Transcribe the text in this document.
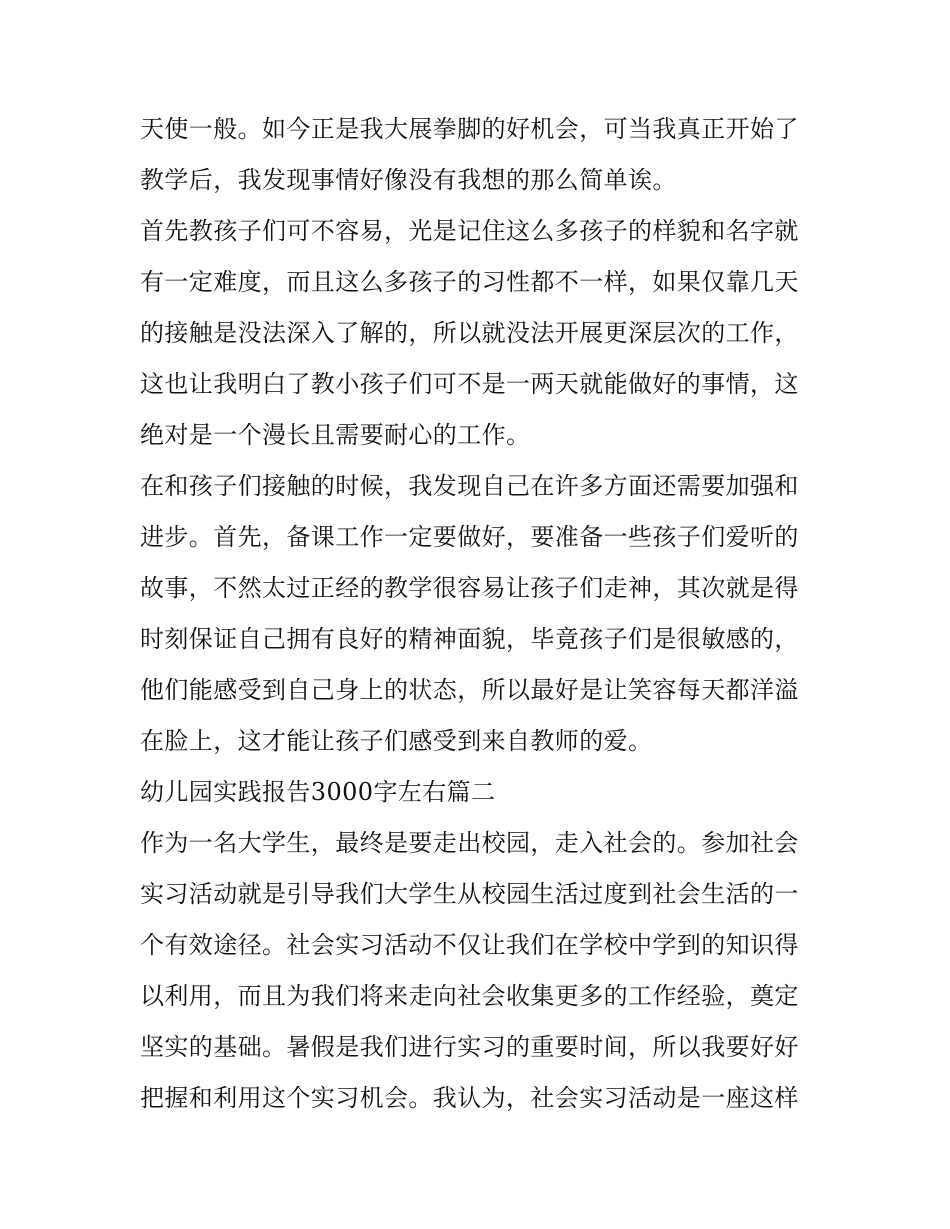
天使一般。如今正是我大展拳脚的好机会，可当我真正开始了
教学后，我发现事情好像没有我想的那么简单诶。
首先教孩子们可不容易，光是记住这么多孩子的样貌和名字就
有一定难度，而且这么多孩子的习性都不一样，如果仅靠几天
的接触是没法深入了解的，所以就没法开展更深层次的工作，
这也让我明白了教小孩子们可不是一两天就能做好的事情，这
绝对是一个漫长且需要耐心的工作。
在和孩子们接触的时候，我发现自己在许多方面还需要加强和
进步。首先，备课工作一定要做好，要准备一些孩子们爱听的
故事，不然太过正经的教学很容易让孩子们走神，其次就是得
时刻保证自己拥有良好的精神面貌，毕竟孩子们是很敏感的，
他们能感受到自己身上的状态，所以最好是让笑容每天都洋溢
在脸上，这才能让孩子们感受到来自教师的爱。
幼儿园实践报告3000字左右篇二
作为一名大学生，最终是要走出校园，走入社会的。参加社会
实习活动就是引导我们大学生从校园生活过度到社会生活的一
个有效途径。社会实习活动不仅让我们在学校中学到的知识得
以利用，而且为我们将来走向社会收集更多的工作经验，奠定
坚实的基础。暑假是我们进行实习的重要时间，所以我要好好
把握和利用这个实习机会。我认为，社会实习活动是一座这样
